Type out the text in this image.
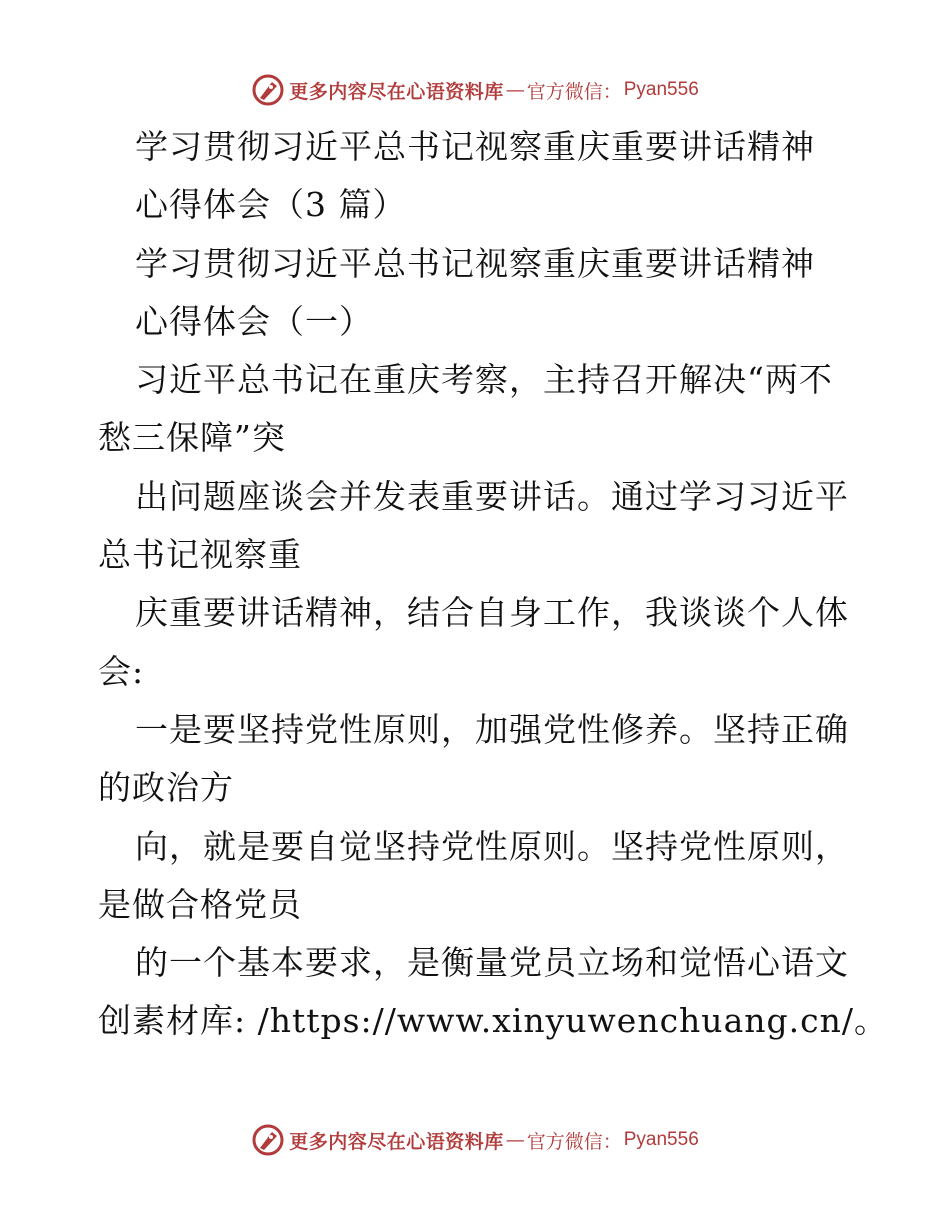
更多内容尽在心语资料库 — 官方微信： Pyan556
学习贯彻习近平总书记视察重庆重要讲话精神
心得体会（3 篇）
学习贯彻习近平总书记视察重庆重要讲话精神
心得体会（一）
习近平总书记在重庆考察，主持召开解决“两不
愁三保障”突
出问题座谈会并发表重要讲话。通过学习习近平
总书记视察重
庆重要讲话精神，结合自身工作，我谈谈个人体
会:
一是要坚持党性原则，加强党性修养。坚持正确
的政治方
向，就是要自觉坚持党性原则。坚持党性原则，
是做合格党员
的一个基本要求，是衡量党员立场和觉悟心语文
创素材库: /https://www.xinyuwenchuang.cn/。
更多内容尽在心语资料库 — 官方微信： Pyan556
